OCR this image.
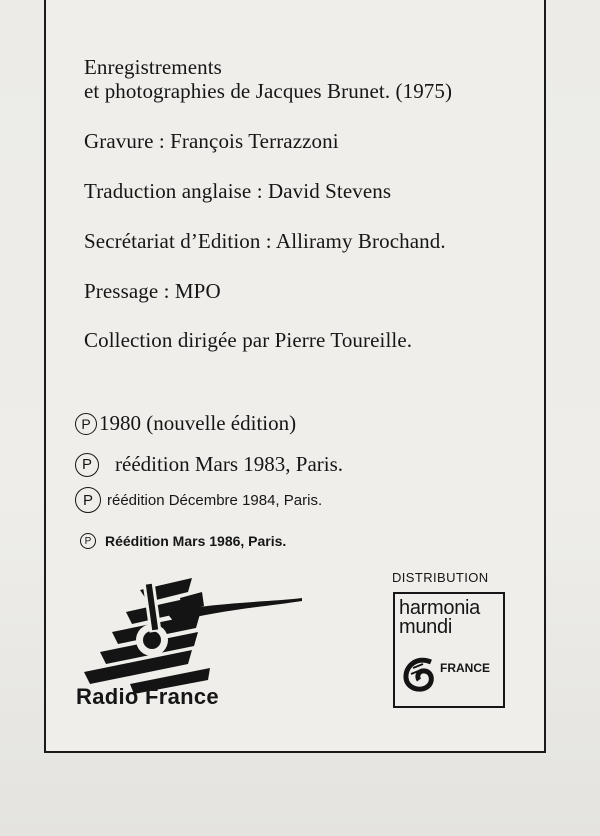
Enregistrements
et photographies de Jacques Brunet. (1975)
Gravure : François Terrazzoni
Traduction anglaise : David Stevens
Secrétariat d’Edition : Alliramy Brochand.
Pressage : MPO
Collection dirigée par Pierre Toureille.
P 1980 (nouvelle édition)
P	réédition Mars 1983, Paris.
P réédition Décembre 1984, Paris.
P Réédition Mars 1986, Paris.
Radio France
DISTRIBUTION
harmonia
mundi
FRANCE
